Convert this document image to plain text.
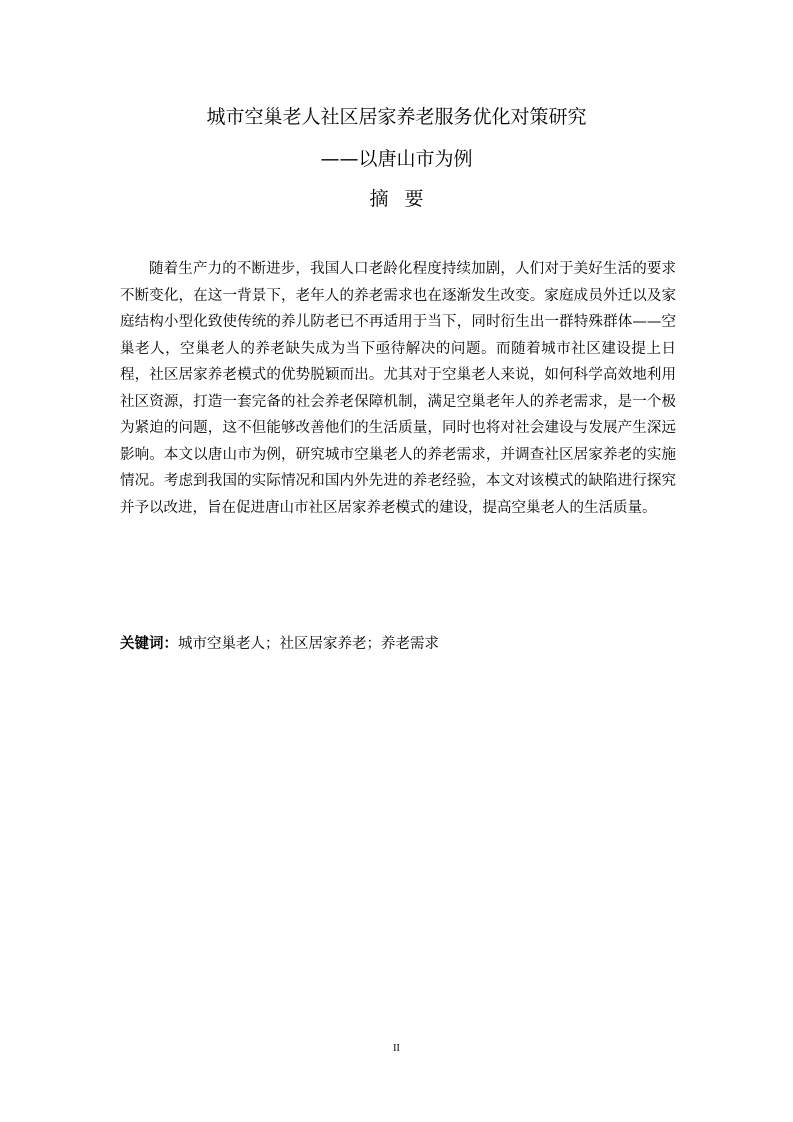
城市空巢老人社区居家养老服务优化对策研究
——以唐山市为例
摘要

随着生产力的不断进步，我国人口老龄化程度持续加剧，人们对于美好生活的要求不断变化，在这一背景下，老年人的养老需求也在逐渐发生改变。家庭成员外迁以及家庭结构小型化致使传统的养儿防老已不再适用于当下，同时衍生出一群特殊群体——空巢老人，空巢老人的养老缺失成为当下亟待解决的问题。而随着城市社区建设提上日程，社区居家养老模式的优势脱颖而出。尤其对于空巢老人来说，如何科学高效地利用社区资源，打造一套完备的社会养老保障机制，满足空巢老年人的养老需求，是一个极为紧迫的问题，这不但能够改善他们的生活质量，同时也将对社会建设与发展产生深远影响。本文以唐山市为例，研究城市空巢老人的养老需求，并调查社区居家养老的实施情况。考虑到我国的实际情况和国内外先进的养老经验，本文对该模式的缺陷进行探究并予以改进，旨在促进唐山市社区居家养老模式的建设，提高空巢老人的生活质量。

关键词：城市空巢老人；社区居家养老；养老需求

II
